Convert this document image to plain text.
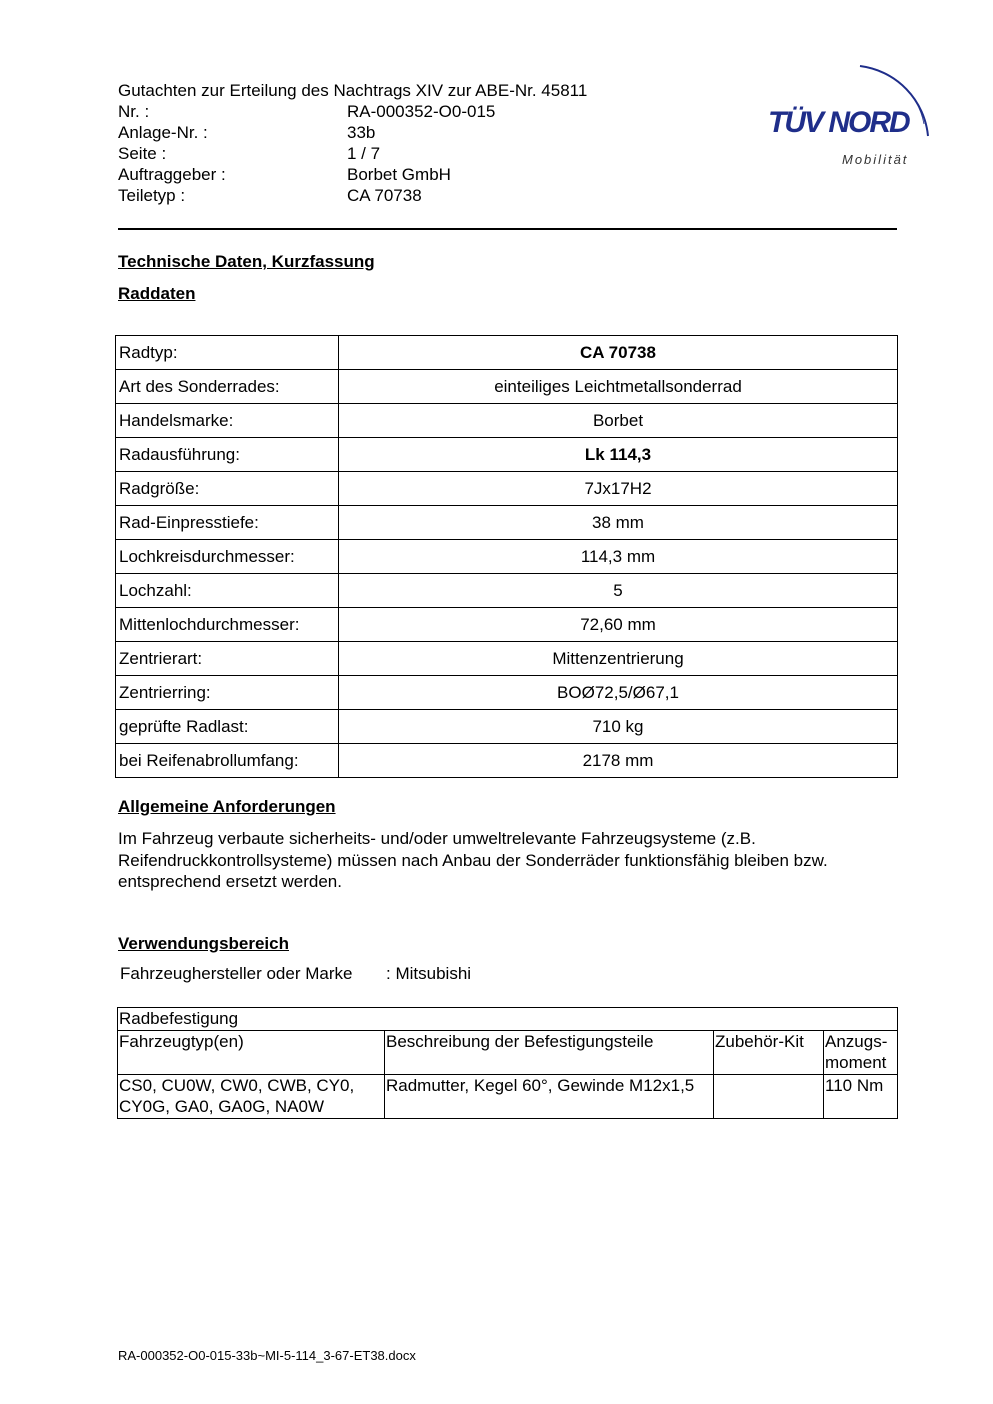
Gutachten zur Erteilung des Nachtrags XIV zur ABE-Nr. 45811
Nr. :	RA-000352-O0-015
Anlage-Nr. :	33b
Seite :	1 / 7
Auftraggeber :	Borbet GmbH
Teiletyp :	CA 70738
TÜV NORD
Mobilität
Technische Daten, Kurzfassung
Raddaten
Radtyp:	CA 70738
Art des Sonderrades:	einteiliges Leichtmetallsonderrad
Handelsmarke:	Borbet
Radausführung:	Lk 114,3
Radgröße:	7Jx17H2
Rad-Einpresstiefe:	38 mm
Lochkreisdurchmesser:	114,3 mm
Lochzahl:	5
Mittenlochdurchmesser:	72,60 mm
Zentrierart:	Mittenzentrierung
Zentrierring:	BOØ72,5/Ø67,1
geprüfte Radlast:	710 kg
bei Reifenabrollumfang:	2178 mm
Allgemeine Anforderungen
Im Fahrzeug verbaute sicherheits- und/oder umweltrelevante Fahrzeugsysteme (z.B. Reifendruckkontrollsysteme) müssen nach Anbau der Sonderräder funktionsfähig bleiben bzw. entsprechend ersetzt werden.
Verwendungsbereich
Fahrzeughersteller oder Marke	:
Mitsubishi
Radbefestigung			
Fahrzeugtyp(en)	Beschreibung der Befestigungsteile	Zubehör-Kit	Anzugs-moment
CS0, CU0W, CW0, CWB, CY0, CY0G, GA0, GA0G, NA0W	Radmutter, Kegel 60°, Gewinde M12x1,5		110 Nm
RA-000352-O0-015-33b~MI-5-114_3-67-ET38.docx
